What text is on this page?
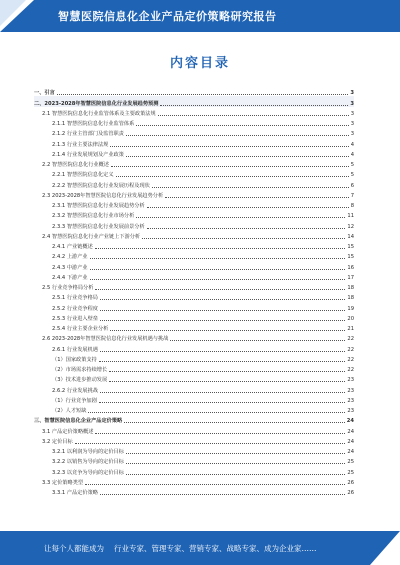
智慧医院信息化企业产品定价策略研究报告
内容目录
一、引言	3
二、2023-2028年智慧医院信息化行业发展趋势预测	3
2.1 智慧医院信息化行业监管体系及主要政策法规	3
2.1.1 智慧医院信息化行业监管体系	3
2.1.2 行业主管部门及监管职责	3
2.1.3 行业主要法律法规	4
2.1.4 行业发展规划及产业政策	4
2.2 智慧医院信息化行业概述	5
2.2.1 智慧医院信息化定义	5
2.2.2 智慧医院信息化行业发展历程及现状	6
2.3 2023-2028年智慧医院信息化行业发展趋势分析	7
2.3.1 智慧医院信息化行业发展趋势分析	8
2.3.2 智慧医院信息化行业市场分析	11
2.3.3 智慧医院信息化行业发展前景分析	12
2.4 智慧医院信息化行业产业链上下游分析	14
2.4.1 产业链概述	15
2.4.2 上游产业	15
2.4.3 中游产业	16
2.4.4 下游产业	17
2.5 行业竞争格局分析	18
2.5.1 行业竞争格局	18
2.5.2 行业竞争程度	19
2.5.3 行业进入壁垒	20
2.5.4 行业主要企业分析	21
2.6 2023-2028年智慧医院信息化行业发展机遇与挑战	22
2.6.1 行业发展机遇	22
（1）国家政策支持	22
（2）市场需求持续增长	22
（3）技术进步推动发展	23
2.6.2 行业发展挑战	23
（1）行业竞争加剧	23
（2）人才短缺	23
三、智慧医院信息化企业产品定价策略	24
3.1 产品定价策略概述	24
3.2 定价目标	24
3.2.1 以利润为导向的定价目标	24
3.2.2 以销售为导向的定价目标	25
3.2.3 以竞争为导向的定价目标	25
3.3 定价策略类型	26
3.3.1 产品定价策略	26
让每个人都能成为 行业专家、管理专家、营销专家、战略专家、成为企业家……
